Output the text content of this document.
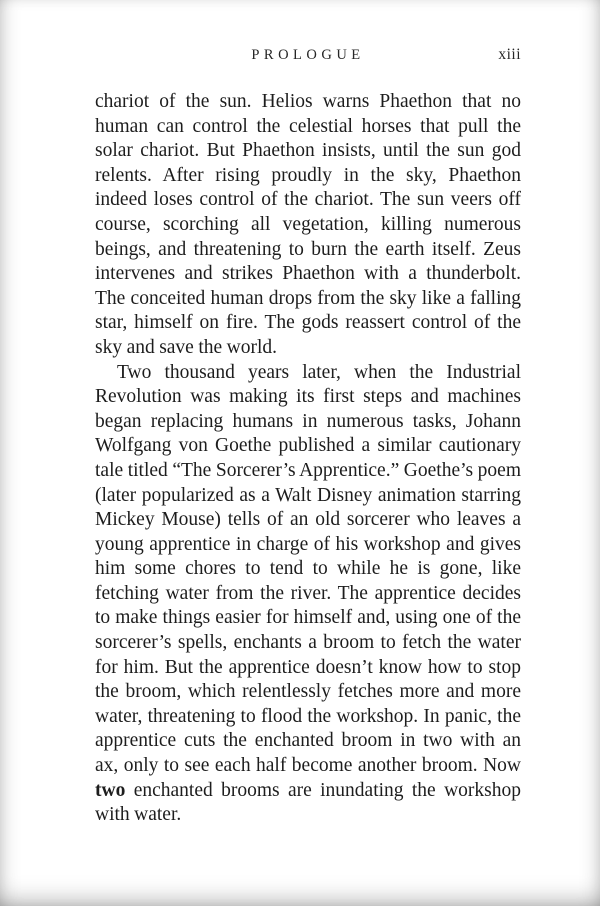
PROLOGUE	xiii

chariot of the sun. Helios warns Phaethon that no human can control the celestial horses that pull the solar chariot. But Phaethon insists, until the sun god relents. After rising proudly in the sky, Phaethon indeed loses control of the chariot. The sun veers off course, scorching all vegetation, killing numerous beings, and threatening to burn the earth itself. Zeus intervenes and strikes Phaethon with a thunderbolt. The conceited human drops from the sky like a falling star, himself on fire. The gods reassert control of the sky and save the world.

Two thousand years later, when the Industrial Revolution was making its first steps and machines began replacing humans in numerous tasks, Johann Wolfgang von Goethe published a similar cautionary tale titled “The Sorcerer’s Apprentice.” Goethe’s poem (later popularized as a Walt Disney animation starring Mickey Mouse) tells of an old sorcerer who leaves a young apprentice in charge of his workshop and gives him some chores to tend to while he is gone, like fetching water from the river. The apprentice decides to make things easier for himself and, using one of the sorcerer’s spells, enchants a broom to fetch the water for him. But the apprentice doesn’t know how to stop the broom, which relentlessly fetches more and more water, threatening to flood the workshop. In panic, the apprentice cuts the enchanted broom in two with an ax, only to see each half become another broom. Now two enchanted brooms are inundating the workshop with water.
